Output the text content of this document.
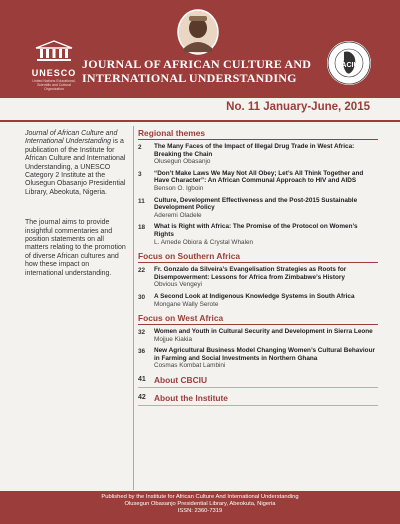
UNESCO
United Nations Educational, Scientific and Cultural Organization
JOURNAL OF AFRICAN CULTURE AND
INTERNATIONAL UNDERSTANDING
IACIU
No. 11 January-June, 2015

Journal of African Culture and International Understanding is a publication of the Institute for African Culture and International Understanding, a UNESCO Category 2 Institute at the Olusegun Obasanjo Presidential Library, Abeokuta, Nigeria.

The journal aims to provide insightful commentaries and position statements on all matters relating to the promotion of diverse African cultures and how these impact on international understanding.

Regional themes
2	The Many Faces of the Impact of Illegal Drug Trade in West Africa: Breaking the Chain
Olusegun Obasanjo
3	“Don’t Make Laws We May Not All Obey; Let’s All Think Together and Have Character”: An African Communal Approach to HIV and AIDS
Benson O. Igboin
11	Culture, Development Effectiveness and the Post-2015 Sustainable Development Policy
Aderemi Oladele
18	What is Right with Africa: The Promise of the Protocol on Women’s Rights
L. Amede Obiora & Crystal Whalen
Focus on Southern Africa
22	Fr. Gonzalo da Silveira’s Evangelisation Strategies as Roots for Disempowerment: Lessons for Africa from Zimbabwe’s History
Obvious Vengeyi
30	A Second Look at Indigenous Knowledge Systems in South Africa
Mongane Wally Serote
Focus on West Africa
32	Women and Youth in Cultural Security and Development in Sierra Leone
Mojjue Kiakia
36	New Agricultural Business Model Changing Women’s Cultural Behaviour in Farming and Social Investments in Northern Ghana
Cosmas Kombat Lambini
41 About CBCIU
42 About the Institute
Published by the Institute for African Culture And International Understanding
Olusegun Obasanjo Presidential Library, Abeokuta, Nigeria
ISSN: 2360-7319
